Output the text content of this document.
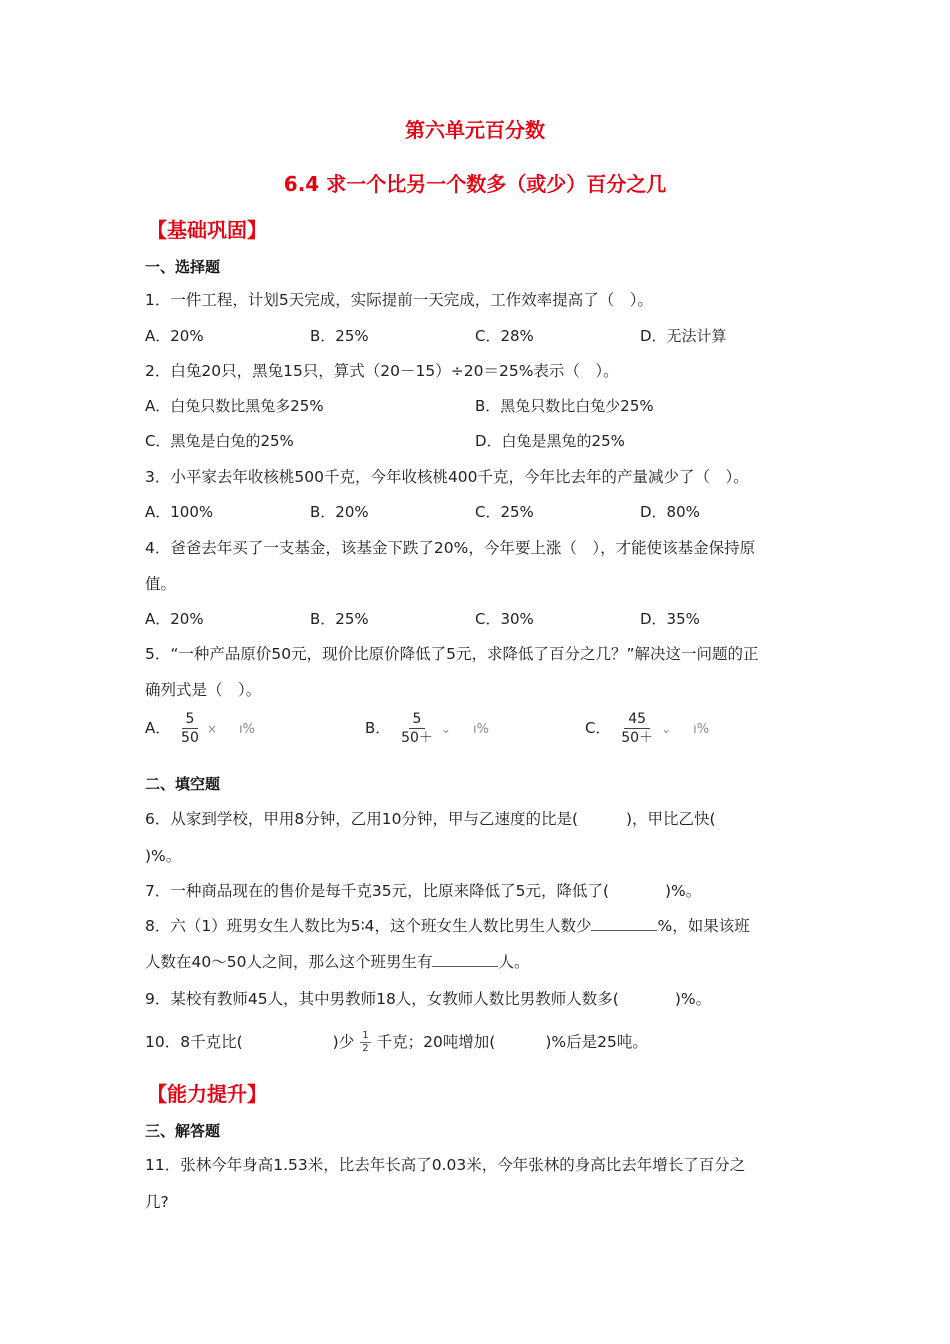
第六单元百分数
6.4 求一个比另一个数多（或少）百分之几
【基础巩固】
一、选择题
1．一件工程，计划5天完成，实际提前一天完成，工作效率提高了（　）。
A．20%	B．25%	C．28%	D．无法计算
2．白兔20只，黑兔15只，算式（20－15）÷20＝25%表示（　）。
A．白兔只数比黑兔多25%	B．黑兔只数比白兔少25%
C．黑兔是白兔的25%	D．白兔是黑兔的25%
3．小平家去年收核桃500千克，今年收核桃400千克，今年比去年的产量减少了（　）。
A．100%	B．20%	C．25%	D．80%
4．爸爸去年买了一支基金，该基金下跌了20%，今年要上涨（　），才能使该基金保持原
值。
A．20%	B．25%	C．30%	D．35%
5．“一种产品原价50元，现价比原价降低了5元，求降低了百分之几？”解决这一问题的正
确列式是（　）。
A． $\frac{5}{50}$ × ı%	B． $\frac{5}{50+}$ ⌄ ı%	C． $\frac{45}{50+}$ ⌄ ı%
二、填空题
6．从家到学校，甲用8分钟，乙用10分钟，甲与乙速度的比是(	)，甲比乙快(
)%。
7．一种商品现在的售价是每千克35元，比原来降低了5元，降低了(	)%。
8．六（1）班男女生人数比为5∶4，这个班女生人数比男生人数少	%，如果该班
人数在40～50人之间，那么这个班男生有	人。
9．某校有教师45人，其中男教师18人，女教师人数比男教师人数多(	)%。
10．8千克比(	)少 $\frac{1}{2}$ 千克；20吨增加(	)%后是25吨。
【能力提升】
三、解答题
11．张林今年身高1.53米，比去年长高了0.03米，今年张林的身高比去年增长了百分之
几?
